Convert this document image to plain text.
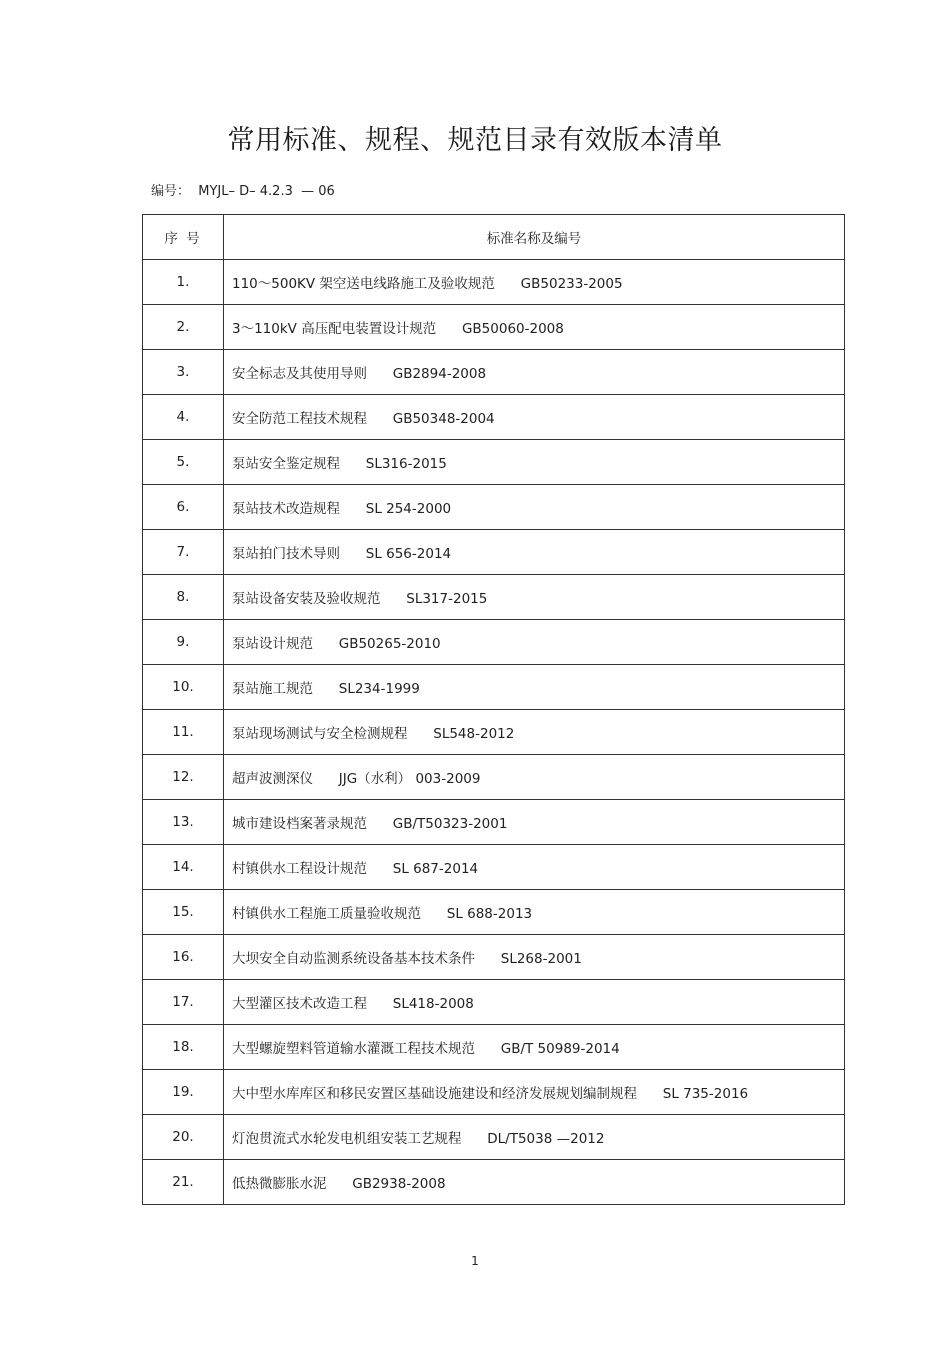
常用标准、规程、规范目录有效版本清单
编号：  MYJL– D– 4.2.3  — 06
序 号	标准名称及编号
1.	110～500KV 架空送电线路施工及验收规范 GB50233-2005
2.	3～110kV 高压配电装置设计规范 GB50060-2008
3.	安全标志及其使用导则 GB2894-2008
4.	安全防范工程技术规程 GB50348-2004
5.	泵站安全鉴定规程 SL316-2015
6.	泵站技术改造规程 SL 254-2000
7.	泵站拍门技术导则 SL 656-2014
8.	泵站设备安装及验收规范 SL317-2015
9.	泵站设计规范 GB50265-2010
10.	泵站施工规范 SL234-1999
11.	泵站现场测试与安全检测规程 SL548-2012
12.	超声波测深仪 JJG（水利） 003-2009
13.	城市建设档案著录规范 GB/T50323-2001
14.	村镇供水工程设计规范 SL 687-2014
15.	村镇供水工程施工质量验收规范 SL 688-2013
16.	大坝安全自动监测系统设备基本技术条件 SL268-2001
17.	大型灌区技术改造工程 SL418-2008
18.	大型螺旋塑料管道输水灌溉工程技术规范 GB/T 50989-2014
19.	大中型水库库区和移民安置区基础设施建设和经济发展规划编制规程 SL 735-2016
20.	灯泡贯流式水轮发电机组安装工艺规程 DL/T5038 —2012
21.	低热微膨胀水泥 GB2938-2008
1
